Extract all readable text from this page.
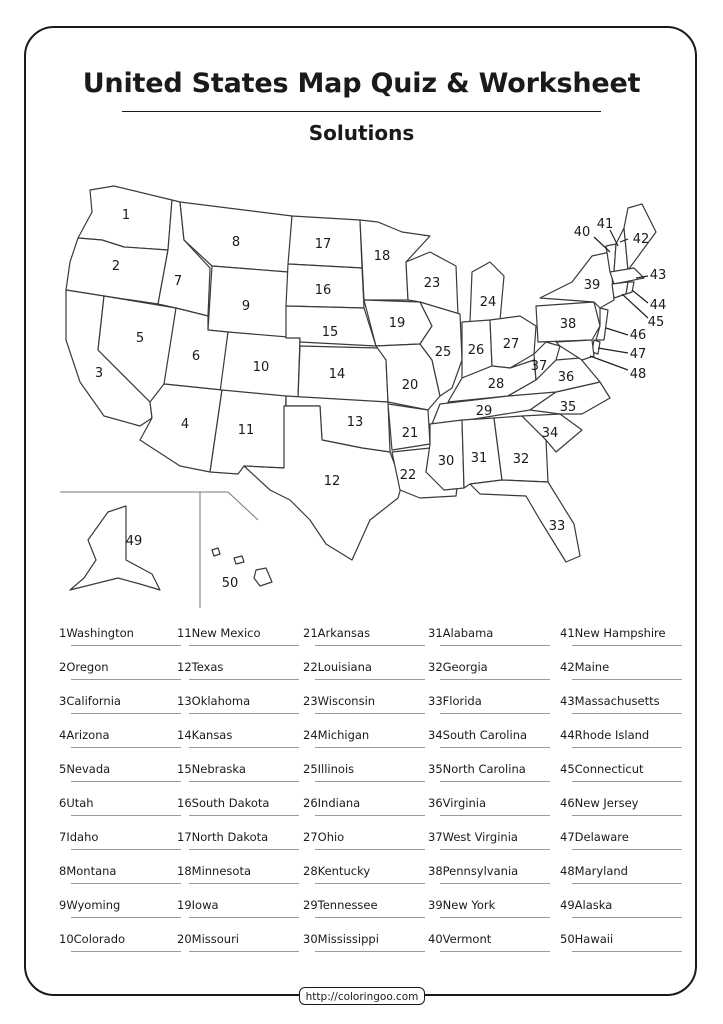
United States Map Quiz & Worksheet
Solutions
1
2
3
4
5
6
7
8
9
10
11
12
13
14
15
16
17
18
19
20
21
22
23
24
25 26 27
28
29
30 31 32
33
34
35
36
37
38
39
40
41
42
43
44
45
46
47
48
49
50
1Washington
2Oregon
3California
4Arizona
5Nevada
6Utah
7Idaho
8Montana
9Wyoming
10Colorado
11New Mexico
12Texas
13Oklahoma
14Kansas
15Nebraska
16South Dakota
17North Dakota
18Minnesota
19Iowa
20Missouri
21Arkansas
22Louisiana
23Wisconsin
24Michigan
25Illinois
26Indiana
27Ohio
28Kentucky
29Tennessee
30Mississippi
31Alabama
32Georgia
33Florida
34South Carolina
35North Carolina
36Virginia
37West Virginia
38Pennsylvania
39New York
40Vermont
41New Hampshire
42Maine
43Massachusetts
44Rhode Island
45Connecticut
46New Jersey
47Delaware
48Maryland
49Alaska
50Hawaii
http://coloringoo.com
